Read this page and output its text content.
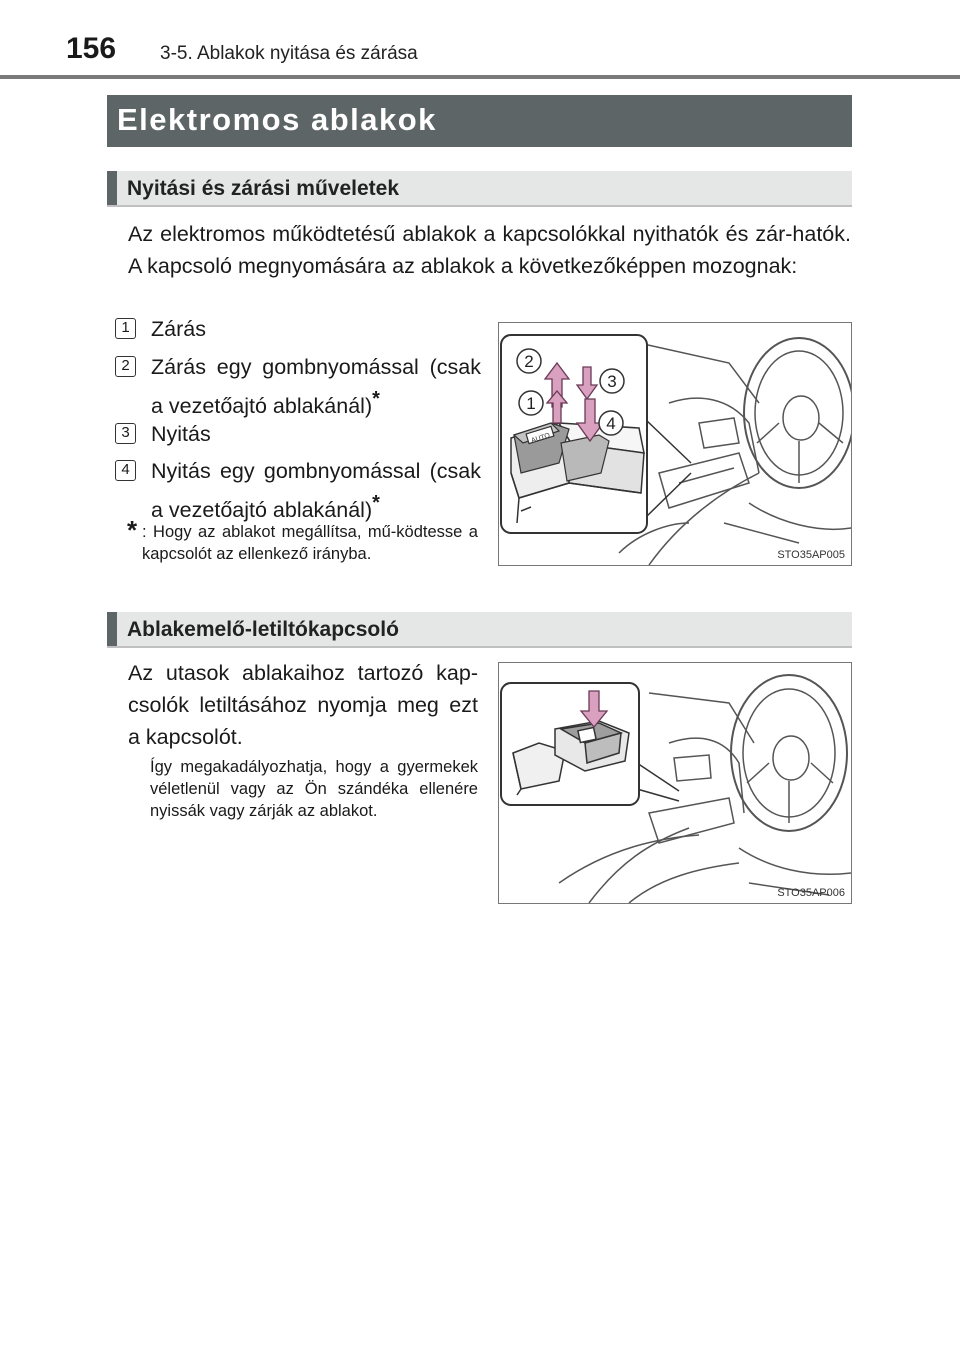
156 3-5. Ablakok nyitása és zárása
Elektromos ablakok
Nyitási és zárási műveletek
Az elektromos működtetésű ablakok a kapcsolókkal nyithatók és zár-hatók. A kapcsoló megnyomására az ablakok a következőképpen mozognak:
1 Zárás
2 Zárás egy gombnyomással (csak a vezetőajtó ablakánál)*
3 Nyitás
4 Nyitás egy gombnyomással (csak a vezetőajtó ablakánál)*
* : Hogy az ablakot megállítsa, mű-ködtesse a kapcsolót az ellenkező irányba.
AUTO
2
3
1
4
STO35AP005
Ablakemelő-letiltókapcsoló
Az utasok ablakaihoz tartozó kap-csolók letiltásához nyomja meg ezt a kapcsolót.
Így megakadályozhatja, hogy a gyermekek véletlenül vagy az Ön szándéka ellenére nyissák vagy zárják az ablakot.
STO35AP006
